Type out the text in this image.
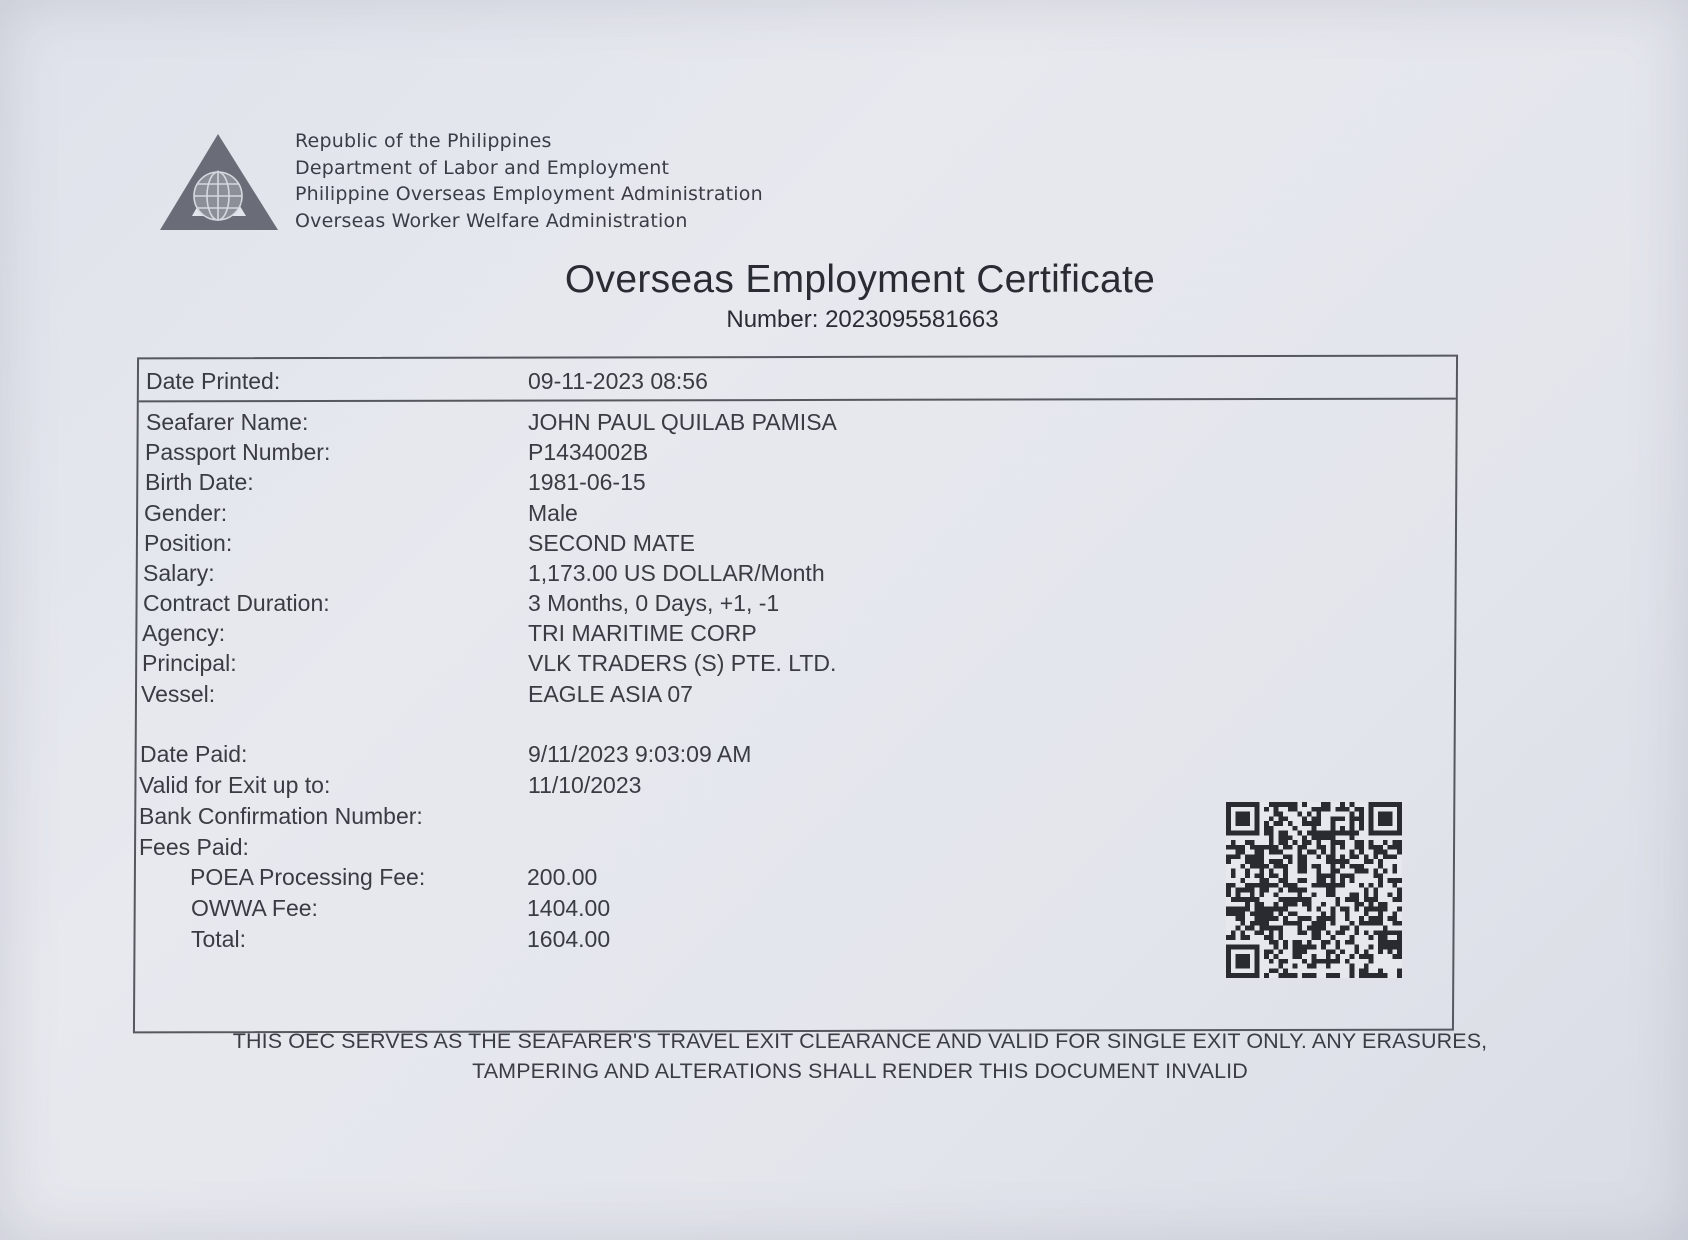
Republic of the Philippines
Department of Labor and Employment
Philippine Overseas Employment Administration
Overseas Worker Welfare Administration
Overseas Employment Certificate
Number: 2023095581663
Date Printed:	09-11-2023 08:56
Seafarer Name:	JOHN PAUL QUILAB PAMISA
Passport Number:	P1434002B
Birth Date:	1981-06-15
Gender:	Male
Position:	SECOND MATE
Salary:	1,173.00 US DOLLAR/Month
Contract Duration:	3 Months, 0 Days, +1, -1
Agency:	TRI MARITIME CORP
Principal:	VLK TRADERS (S) PTE. LTD.
Vessel:	EAGLE ASIA 07
Date Paid:	9/11/2023 9:03:09 AM
Valid for Exit up to:	11/10/2023
Bank Confirmation Number:
Fees Paid:
POEA Processing Fee:	200.00
OWWA Fee:	1404.00
Total:	1604.00
THIS OEC SERVES AS THE SEAFARER'S TRAVEL EXIT CLEARANCE AND VALID FOR SINGLE EXIT ONLY. ANY ERASURES,
TAMPERING AND ALTERATIONS SHALL RENDER THIS DOCUMENT INVALID
